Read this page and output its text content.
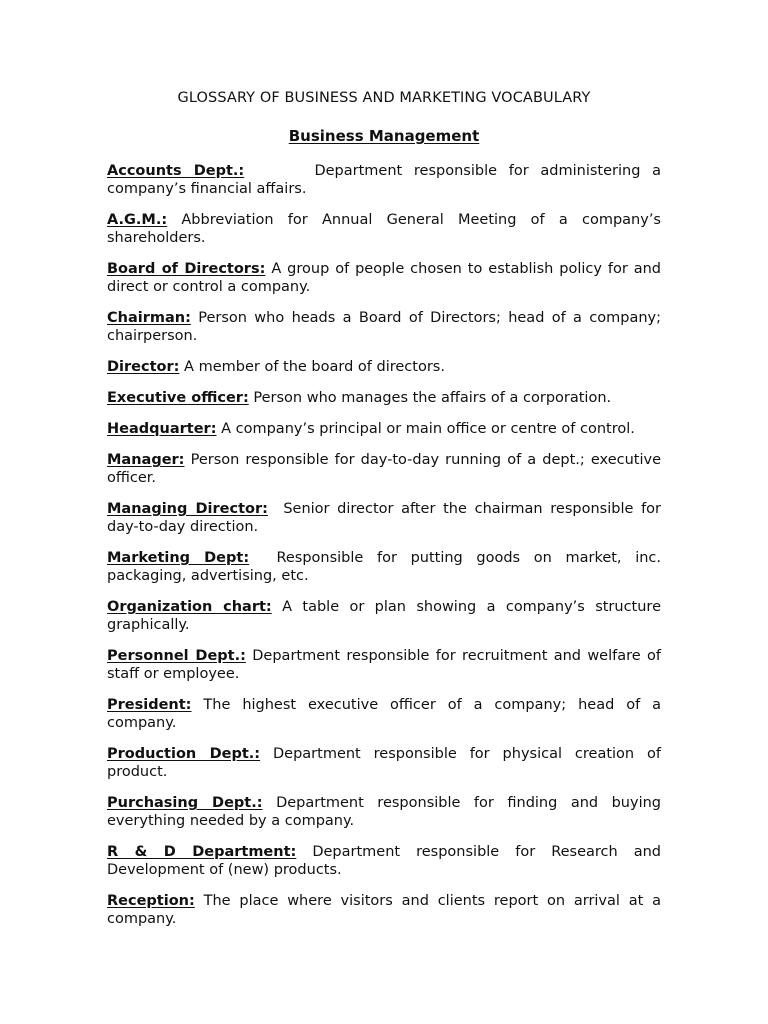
GLOSSARY OF BUSINESS AND MARKETING VOCABULARY
Business Management

Accounts Dept.:	Department responsible for administering a company’s financial affairs.

A.G.M.: Abbreviation for Annual General Meeting of a company’s shareholders.

Board of Directors: A group of people chosen to establish policy for and direct or control a company.

Chairman: Person who heads a Board of Directors; head of a company; chairperson.

Director: A member of the board of directors.

Executive officer: Person who manages the affairs of a corporation.

Headquarter: A company’s principal or main office or centre of control.

Manager: Person responsible for day-to-day running of a dept.; executive officer.

Managing Director: Senior director after the chairman responsible for day-to-day direction.

Marketing Dept: Responsible for putting goods on market, inc. packaging, advertising, etc.

Organization chart: A table or plan showing a company’s structure graphically.

Personnel Dept.: Department responsible for recruitment and welfare of staff or employee.

President: The highest executive officer of a company; head of a company.

Production Dept.: Department responsible for physical creation of product.

Purchasing Dept.: Department responsible for finding and buying everything needed by a company.

R & D Department: Department responsible for Research and Development of (new) products.

Reception: The place where visitors and clients report on arrival at a company.
